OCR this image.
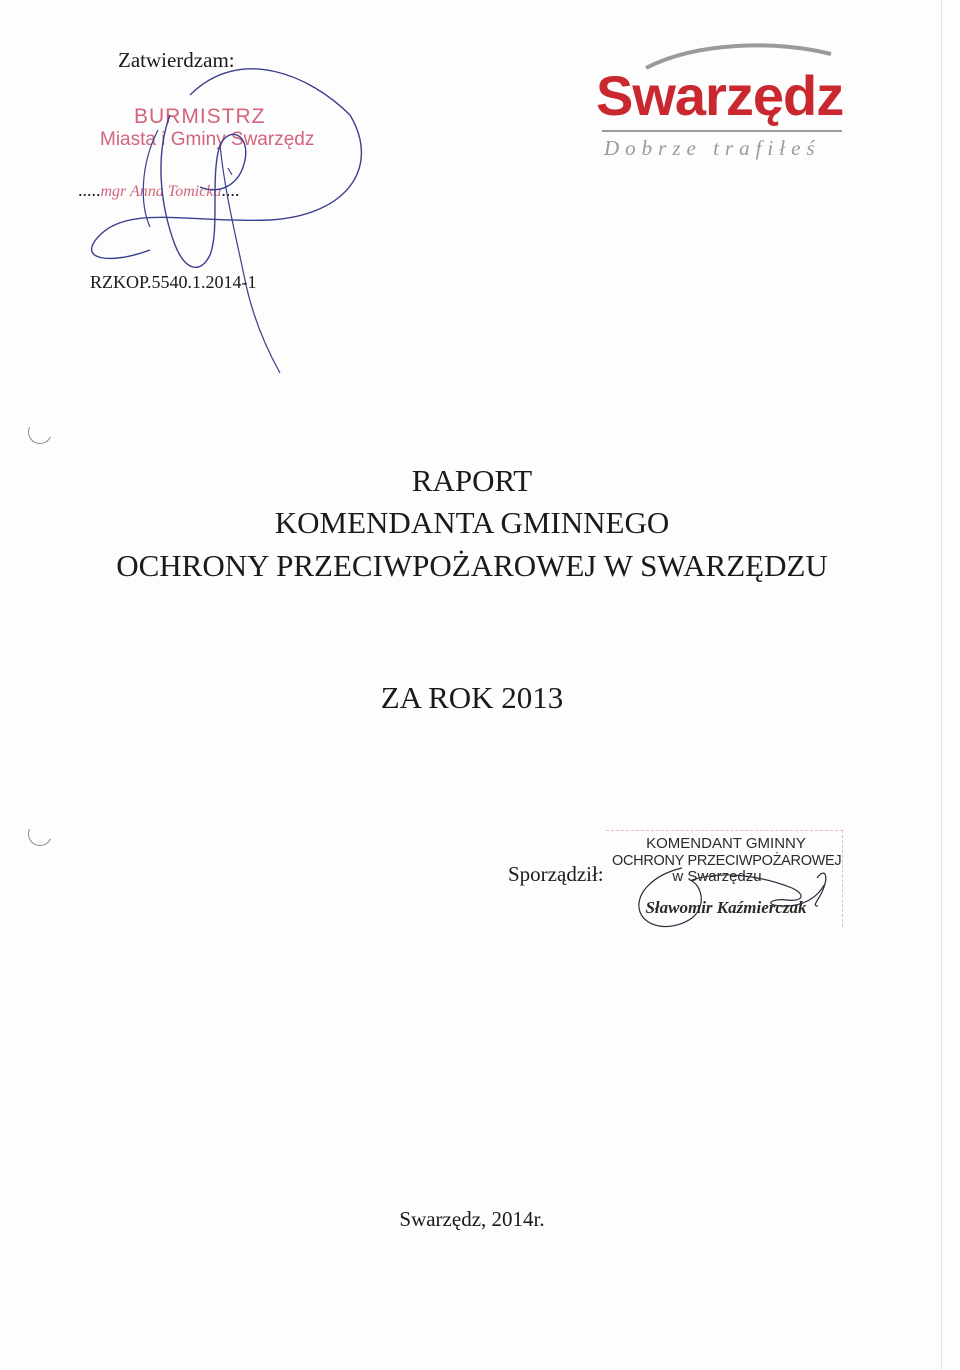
Zatwierdzam:
BURMISTRZ
Miasta i Gminy Swarzędz
.....mgr Anna Tomicka....
RZKOP.5540.1.2014-1
Swarzędz
Dobrze trafiłeś
RAPORT
KOMENDANTA GMINNEGO
OCHRONY PRZECIWPOŻAROWEJ W SWARZĘDZU
ZA ROK 2013
Sporządził:
KOMENDANT GMINNY
OCHRONY PRZECIWPOŻAROWEJ
w Swarzędzu
Sławomir Kaźmierczak
Swarzędz, 2014r.
